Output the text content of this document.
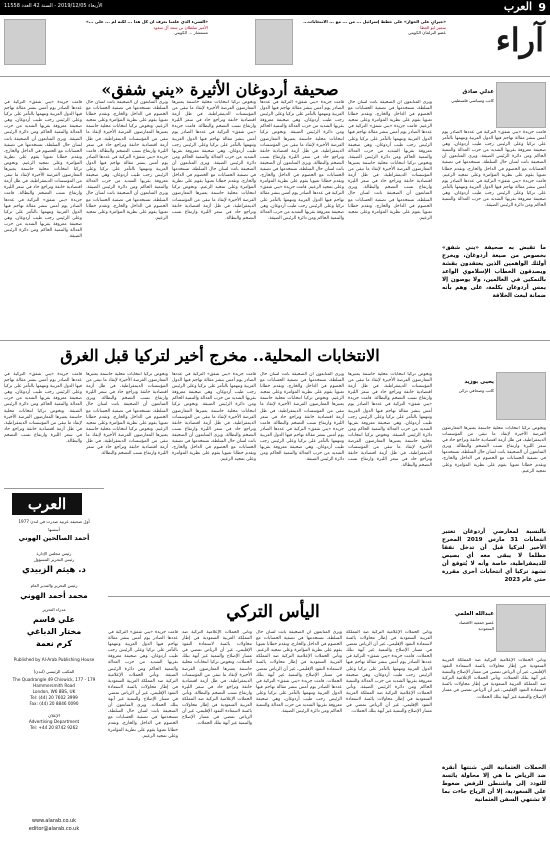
9
العرب
الأربعاء 2019/12/05 - السنة 42 العدد 11558
«الشيء الذي علمنا نعرف ان كل هذا ... لكنه لم ... على ...»
الأمير سلطان بن سعد آل سعود
مستشار ... الكويتي
«جيرانٍ على الحوار» على خطط إسرائيل ... من ... مع ... الانتخابات...
سمير ابو العطا
عضو البرلمان الكويتي آراء
صحيفة أردوغان الأثيرة «يني شفق»	عدلي صادق
كاتب وسياسي فلسطيني
قامت جريدة «يني شفق» التركية في عددها الصادر يوم أمس بنشر مقالة تهاجم فيها الدول العربية وتتهمها بالتآمر على تركيا وعلى الرئيس رجب طيب أردوغان، وهي صحيفة معروفة بقربها الشديد من حزب العدالة والتنمية الحاكم ومن دائرة الرئيس الضيقة. ويرى المتابعون أن الصحيفة باتت لسان حال السلطة، تستخدمها في تصفية الحسابات مع الخصوم في الداخل والخارج، وتقدم خطابا تعبويا يقوم على نظرية المؤامرة وعلى تمجيد الزعيم. قامت جريدة «يني شفق» التركية في عددها الصادر يوم أمس بنشر مقالة تهاجم فيها الدول العربية وتتهمها بالتآمر على تركيا وعلى الرئيس رجب طيب أردوغان، وهي صحيفة معروفة بقربها الشديد من حزب العدالة والتنمية الحاكم ومن دائرة الرئيس الضيقة.
ما تقبض به صحيفة «يني شفق» بخصوص من صيغة أردوغان، ويخرج أولئك الواهمين الذين يعتقدون بقشة ويصدقون الخطاب الإسلاموي الواعد بالتمكين في العالمين، ولا يوصون إلا يمس أردوغان بكلمة، على وهم بأنه ضمانة لبعث الخلافة
ويرى المتابعون أن الصحيفة باتت لسان حال السلطة، تستخدمها في تصفية الحسابات مع الخصوم في الداخل والخارج، وتقدم خطابا تعبويا يقوم على نظرية المؤامرة وعلى تمجيد الزعيم. قامت جريدة «يني شفق» التركية في عددها الصادر يوم أمس بنشر مقالة تهاجم فيها الدول العربية وتتهمها بالتآمر على تركيا وعلى الرئيس رجب طيب أردوغان، وهي صحيفة معروفة بقربها الشديد من حزب العدالة والتنمية الحاكم ومن دائرة الرئيس الضيقة. وتخوض تركيا انتخابات محلية حاسمة يعتبرها المعارضون الفرصة الأخيرة لإنقاذ ما تبقى من المؤسسات الديمقراطية، في ظل أزمة اقتصادية خانقة وتراجع حاد في سعر الليرة وارتفاع نسب التضخم والبطالة. ويرى المتابعون أن الصحيفة باتت لسان حال السلطة، تستخدمها في تصفية الحسابات مع الخصوم في الداخل والخارج، وتقدم خطابا تعبويا يقوم على نظرية المؤامرة وعلى تمجيد الزعيم.
قامت جريدة «يني شفق» التركية في عددها الصادر يوم أمس بنشر مقالة تهاجم فيها الدول العربية وتتهمها بالتآمر على تركيا وعلى الرئيس رجب طيب أردوغان، وهي صحيفة معروفة بقربها الشديد من حزب العدالة والتنمية الحاكم ومن دائرة الرئيس الضيقة. وتخوض تركيا انتخابات محلية حاسمة يعتبرها المعارضون الفرصة الأخيرة لإنقاذ ما تبقى من المؤسسات الديمقراطية، في ظل أزمة اقتصادية خانقة وتراجع حاد في سعر الليرة وارتفاع نسب التضخم والبطالة. ويرى المتابعون أن الصحيفة باتت لسان حال السلطة، تستخدمها في تصفية الحسابات مع الخصوم في الداخل والخارج، وتقدم خطابا تعبويا يقوم على نظرية المؤامرة وعلى تمجيد الزعيم. قامت جريدة «يني شفق» التركية في عددها الصادر يوم أمس بنشر مقالة تهاجم فيها الدول العربية وتتهمها بالتآمر على تركيا وعلى الرئيس رجب طيب أردوغان، وهي صحيفة معروفة بقربها الشديد من حزب العدالة والتنمية الحاكم ومن دائرة الرئيس الضيقة.
وتخوض تركيا انتخابات محلية حاسمة يعتبرها المعارضون الفرصة الأخيرة لإنقاذ ما تبقى من المؤسسات الديمقراطية، في ظل أزمة اقتصادية خانقة وتراجع حاد في سعر الليرة وارتفاع نسب التضخم والبطالة. قامت جريدة «يني شفق» التركية في عددها الصادر يوم أمس بنشر مقالة تهاجم فيها الدول العربية وتتهمها بالتآمر على تركيا وعلى الرئيس رجب طيب أردوغان، وهي صحيفة معروفة بقربها الشديد من حزب العدالة والتنمية الحاكم ومن دائرة الرئيس الضيقة. ويرى المتابعون أن الصحيفة باتت لسان حال السلطة، تستخدمها في تصفية الحسابات مع الخصوم في الداخل والخارج، وتقدم خطابا تعبويا يقوم على نظرية المؤامرة وعلى تمجيد الزعيم. وتخوض تركيا انتخابات محلية حاسمة يعتبرها المعارضون الفرصة الأخيرة لإنقاذ ما تبقى من المؤسسات الديمقراطية، في ظل أزمة اقتصادية خانقة وتراجع حاد في سعر الليرة وارتفاع نسب التضخم والبطالة.
ويرى المتابعون أن الصحيفة باتت لسان حال السلطة، تستخدمها في تصفية الحسابات مع الخصوم في الداخل والخارج، وتقدم خطابا تعبويا يقوم على نظرية المؤامرة وعلى تمجيد الزعيم. وتخوض تركيا انتخابات محلية حاسمة يعتبرها المعارضون الفرصة الأخيرة لإنقاذ ما تبقى من المؤسسات الديمقراطية، في ظل أزمة اقتصادية خانقة وتراجع حاد في سعر الليرة وارتفاع نسب التضخم والبطالة. قامت جريدة «يني شفق» التركية في عددها الصادر يوم أمس بنشر مقالة تهاجم فيها الدول العربية وتتهمها بالتآمر على تركيا وعلى الرئيس رجب طيب أردوغان، وهي صحيفة معروفة بقربها الشديد من حزب العدالة والتنمية الحاكم ومن دائرة الرئيس الضيقة. ويرى المتابعون أن الصحيفة باتت لسان حال السلطة، تستخدمها في تصفية الحسابات مع الخصوم في الداخل والخارج، وتقدم خطابا تعبويا يقوم على نظرية المؤامرة وعلى تمجيد الزعيم.
قامت جريدة «يني شفق» التركية في عددها الصادر يوم أمس بنشر مقالة تهاجم فيها الدول العربية وتتهمها بالتآمر على تركيا وعلى الرئيس رجب طيب أردوغان، وهي صحيفة معروفة بقربها الشديد من حزب العدالة والتنمية الحاكم ومن دائرة الرئيس الضيقة. ويرى المتابعون أن الصحيفة باتت لسان حال السلطة، تستخدمها في تصفية الحسابات مع الخصوم في الداخل والخارج، وتقدم خطابا تعبويا يقوم على نظرية المؤامرة وعلى تمجيد الزعيم. وتخوض تركيا انتخابات محلية حاسمة يعتبرها المعارضون الفرصة الأخيرة لإنقاذ ما تبقى من المؤسسات الديمقراطية، في ظل أزمة اقتصادية خانقة وتراجع حاد في سعر الليرة وارتفاع نسب التضخم والبطالة. قامت جريدة «يني شفق» التركية في عددها الصادر يوم أمس بنشر مقالة تهاجم فيها الدول العربية وتتهمها بالتآمر على تركيا وعلى الرئيس رجب طيب أردوغان، وهي صحيفة معروفة بقربها الشديد من حزب العدالة والتنمية الحاكم ومن دائرة الرئيس الضيقة.
الانتخابات المحلية.. مخرج أخير لتركيا قبل الغرق
يحيى بوزيد
كاتب وصحافي تركي
وتخوض تركيا انتخابات محلية حاسمة يعتبرها المعارضون الفرصة الأخيرة لإنقاذ ما تبقى من المؤسسات الديمقراطية، في ظل أزمة اقتصادية خانقة وتراجع حاد في سعر الليرة وارتفاع نسب التضخم والبطالة. ويرى المتابعون أن الصحيفة باتت لسان حال السلطة، تستخدمها في تصفية الحسابات مع الخصوم في الداخل والخارج، وتقدم خطابا تعبويا يقوم على نظرية المؤامرة وعلى تمجيد الزعيم.
بالنسبة لمعارضي أردوغان تعتبر انتخابات 31 مارس 2019 المخرج الأخير لتركيا قبل أن تدخل نفقا مظلما لا يبقى معه أي بصيص للديمقراطية، خاصة وأنه لا يُتوقع أن تشهد تركيا أي انتخابات أخرى مقررة حتى عام 2023
وتخوض تركيا انتخابات محلية حاسمة يعتبرها المعارضون الفرصة الأخيرة لإنقاذ ما تبقى من المؤسسات الديمقراطية، في ظل أزمة اقتصادية خانقة وتراجع حاد في سعر الليرة وارتفاع نسب التضخم والبطالة. قامت جريدة «يني شفق» التركية في عددها الصادر يوم أمس بنشر مقالة تهاجم فيها الدول العربية وتتهمها بالتآمر على تركيا وعلى الرئيس رجب طيب أردوغان، وهي صحيفة معروفة بقربها الشديد من حزب العدالة والتنمية الحاكم ومن دائرة الرئيس الضيقة. وتخوض تركيا انتخابات محلية حاسمة يعتبرها المعارضون الفرصة الأخيرة لإنقاذ ما تبقى من المؤسسات الديمقراطية، في ظل أزمة اقتصادية خانقة وتراجع حاد في سعر الليرة وارتفاع نسب التضخم والبطالة.
ويرى المتابعون أن الصحيفة باتت لسان حال السلطة، تستخدمها في تصفية الحسابات مع الخصوم في الداخل والخارج، وتقدم خطابا تعبويا يقوم على نظرية المؤامرة وعلى تمجيد الزعيم. وتخوض تركيا انتخابات محلية حاسمة يعتبرها المعارضون الفرصة الأخيرة لإنقاذ ما تبقى من المؤسسات الديمقراطية، في ظل أزمة اقتصادية خانقة وتراجع حاد في سعر الليرة وارتفاع نسب التضخم والبطالة. قامت جريدة «يني شفق» التركية في عددها الصادر يوم أمس بنشر مقالة تهاجم فيها الدول العربية وتتهمها بالتآمر على تركيا وعلى الرئيس رجب طيب أردوغان، وهي صحيفة معروفة بقربها الشديد من حزب العدالة والتنمية الحاكم ومن دائرة الرئيس الضيقة.
قامت جريدة «يني شفق» التركية في عددها الصادر يوم أمس بنشر مقالة تهاجم فيها الدول العربية وتتهمها بالتآمر على تركيا وعلى الرئيس رجب طيب أردوغان، وهي صحيفة معروفة بقربها الشديد من حزب العدالة والتنمية الحاكم ومن دائرة الرئيس الضيقة. وتخوض تركيا انتخابات محلية حاسمة يعتبرها المعارضون الفرصة الأخيرة لإنقاذ ما تبقى من المؤسسات الديمقراطية، في ظل أزمة اقتصادية خانقة وتراجع حاد في سعر الليرة وارتفاع نسب التضخم والبطالة. ويرى المتابعون أن الصحيفة باتت لسان حال السلطة، تستخدمها في تصفية الحسابات مع الخصوم في الداخل والخارج، وتقدم خطابا تعبويا يقوم على نظرية المؤامرة وعلى تمجيد الزعيم.
وتخوض تركيا انتخابات محلية حاسمة يعتبرها المعارضون الفرصة الأخيرة لإنقاذ ما تبقى من المؤسسات الديمقراطية، في ظل أزمة اقتصادية خانقة وتراجع حاد في سعر الليرة وارتفاع نسب التضخم والبطالة. ويرى المتابعون أن الصحيفة باتت لسان حال السلطة، تستخدمها في تصفية الحسابات مع الخصوم في الداخل والخارج، وتقدم خطابا تعبويا يقوم على نظرية المؤامرة وعلى تمجيد الزعيم. وتخوض تركيا انتخابات محلية حاسمة يعتبرها المعارضون الفرصة الأخيرة لإنقاذ ما تبقى من المؤسسات الديمقراطية، في ظل أزمة اقتصادية خانقة وتراجع حاد في سعر الليرة وارتفاع نسب التضخم والبطالة.
قامت جريدة «يني شفق» التركية في عددها الصادر يوم أمس بنشر مقالة تهاجم فيها الدول العربية وتتهمها بالتآمر على تركيا وعلى الرئيس رجب طيب أردوغان، وهي صحيفة معروفة بقربها الشديد من حزب العدالة والتنمية الحاكم ومن دائرة الرئيس الضيقة. وتخوض تركيا انتخابات محلية حاسمة يعتبرها المعارضون الفرصة الأخيرة لإنقاذ ما تبقى من المؤسسات الديمقراطية، في ظل أزمة اقتصادية خانقة وتراجع حاد في سعر الليرة وارتفاع نسب التضخم والبطالة.
العرب
أول صحيفة عربية صدرت في لندن 1977
أسسها
أحمد الصالحين الهوني
رئيس مجلس الإدارة
رئيس التحرير المسؤول
د. هيثم الزبيدي
رئيس التحرير والمدير العام
محمد أحمد الهوني
مدراء التحرير
علي قاسم
مختار الدباغي
كرم نعمة
Published by Al-Arab Publishing House
المكتب الرئيسي (لندن)
The Quadrangle 49 Chiswick, 177 - 179 Hammersmith Road
London, W6 8BS, UK
Tel: (44) 20 7602 3999
Fax: (44) 20 8846 0090
الإعلان
Advertising Department
Tel: +44 20 8742 9262
www.alarab.co.uk
editor@alarab.co.uk
اليأس التركي	عبدالله العلمي
عضو جمعية الاقتصاد السعودية
وتأتي الحملات الإعلامية التركية ضد المملكة العربية السعودية في إطار محاولات يائسة لاستعادة النفوذ الإقليمي، غير أن الرياض تمضي في مسار الإصلاح والتنمية غير آبهة بتلك الحملات. وتأتي الحملات الإعلامية التركية ضد المملكة العربية السعودية في إطار محاولات يائسة لاستعادة النفوذ الإقليمي، غير أن الرياض تمضي في مسار الإصلاح والتنمية غير آبهة بتلك الحملات.
الحملات العثمانية التي شنتها أنقرة ضد الرياض ما هي إلا محاولة يائسة للتودد إلى واشنطن للرفض ضغوط على السعودية، إلا أن الرياح جاءت بما لا تشتهي السفن العثمانية
وتأتي الحملات الإعلامية التركية ضد المملكة العربية السعودية في إطار محاولات يائسة لاستعادة النفوذ الإقليمي، غير أن الرياض تمضي في مسار الإصلاح والتنمية غير آبهة بتلك الحملات. قامت جريدة «يني شفق» التركية في عددها الصادر يوم أمس بنشر مقالة تهاجم فيها الدول العربية وتتهمها بالتآمر على تركيا وعلى الرئيس رجب طيب أردوغان، وهي صحيفة معروفة بقربها الشديد من حزب العدالة والتنمية الحاكم ومن دائرة الرئيس الضيقة. وتأتي الحملات الإعلامية التركية ضد المملكة العربية السعودية في إطار محاولات يائسة لاستعادة النفوذ الإقليمي، غير أن الرياض تمضي في مسار الإصلاح والتنمية غير آبهة بتلك الحملات.
ويرى المتابعون أن الصحيفة باتت لسان حال السلطة، تستخدمها في تصفية الحسابات مع الخصوم في الداخل والخارج، وتقدم خطابا تعبويا يقوم على نظرية المؤامرة وعلى تمجيد الزعيم. وتأتي الحملات الإعلامية التركية ضد المملكة العربية السعودية في إطار محاولات يائسة لاستعادة النفوذ الإقليمي، غير أن الرياض تمضي في مسار الإصلاح والتنمية غير آبهة بتلك الحملات. قامت جريدة «يني شفق» التركية في عددها الصادر يوم أمس بنشر مقالة تهاجم فيها الدول العربية وتتهمها بالتآمر على تركيا وعلى الرئيس رجب طيب أردوغان، وهي صحيفة معروفة بقربها الشديد من حزب العدالة والتنمية الحاكم ومن دائرة الرئيس الضيقة.
وتأتي الحملات الإعلامية التركية ضد المملكة العربية السعودية في إطار محاولات يائسة لاستعادة النفوذ الإقليمي، غير أن الرياض تمضي في مسار الإصلاح والتنمية غير آبهة بتلك الحملات. وتخوض تركيا انتخابات محلية حاسمة يعتبرها المعارضون الفرصة الأخيرة لإنقاذ ما تبقى من المؤسسات الديمقراطية، في ظل أزمة اقتصادية خانقة وتراجع حاد في سعر الليرة وارتفاع نسب التضخم والبطالة. وتأتي الحملات الإعلامية التركية ضد المملكة العربية السعودية في إطار محاولات يائسة لاستعادة النفوذ الإقليمي، غير أن الرياض تمضي في مسار الإصلاح والتنمية غير آبهة بتلك الحملات.
قامت جريدة «يني شفق» التركية في عددها الصادر يوم أمس بنشر مقالة تهاجم فيها الدول العربية وتتهمها بالتآمر على تركيا وعلى الرئيس رجب طيب أردوغان، وهي صحيفة معروفة بقربها الشديد من حزب العدالة والتنمية الحاكم ومن دائرة الرئيس الضيقة. وتأتي الحملات الإعلامية التركية ضد المملكة العربية السعودية في إطار محاولات يائسة لاستعادة النفوذ الإقليمي، غير أن الرياض تمضي في مسار الإصلاح والتنمية غير آبهة بتلك الحملات. ويرى المتابعون أن الصحيفة باتت لسان حال السلطة، تستخدمها في تصفية الحسابات مع الخصوم في الداخل والخارج، وتقدم خطابا تعبويا يقوم على نظرية المؤامرة وعلى تمجيد الزعيم.
